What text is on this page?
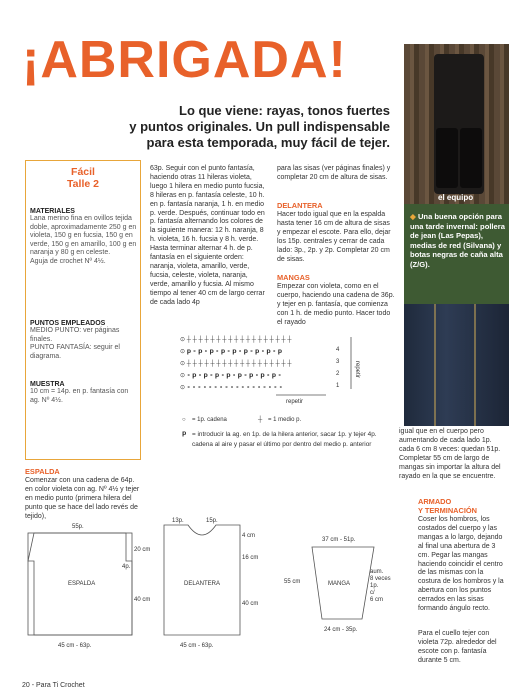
¡ABRIGADA!
Lo que viene: rayas, tonos fuertes
y puntos originales. Un pull indispensable
para esta temporada, muy fácil de tejer.
el equipo
◆ Una buena opción para una tarde invernal: pollera de jean (Las Pepas), medias de red (Silvana) y botas negras de caña alta (Z/G).
Fácil
Talle 2
MATERIALES
Lana merino fina en ovillos tejida doble, aproximadamente 250 g en violeta, 150 g en fucsia, 150 g en verde, 150 g en amarillo, 100 g en naranja y 80 g en celeste.
Aguja de crochet Nº 4½.
PUNTOS EMPLEADOS
MEDIO PUNTO: ver páginas finales.
PUNTO FANTASÍA: seguir el diagrama.
MUESTRA
10 cm = 14p. en p. fantasía con ag. Nº 4½.
ESPALDA
Comenzar con una cadena de 64p. en color violeta con ag. Nº 4½ y tejer en medio punto (primera hilera del punto que se hace del lado revés de tejido),
63p. Seguir con el punto fantasía, haciendo otras 11 hileras violeta, luego 1 hilera en medio punto fucsia, 8 hileras en p. fantasía celeste, 10 h. en p. fantasía naranja, 1 h. en medio p. verde. Después, continuar todo en p. fantasía alternando los colores de la siguiente manera: 12 h. naranja, 8 h. violeta, 16 h. fucsia y 8 h. verde. Hasta terminar alternar 4 h. de p. fantasía en el siguiente orden: naranja, violeta, amarillo, verde, fucsia, celeste, violeta, naranja, verde, amarillo y fucsia. Al mismo tiempo al tener 40 cm de largo cerrar de cada lado 4p
para las sisas (ver páginas finales) y completar 20 cm de altura de sisas.
DELANTERA
Hacer todo igual que en la espalda hasta tener 16 cm de altura de sisas y empezar el escote. Para ello, dejar los 15p. centrales y cerrar de cada lado: 3p., 2p. y 2p. Completar 20 cm de sisas.
MANGAS
Empezar con violeta, como en el cuerpo, haciendo una cadena de 36p. y tejer en p. fantasía, que comienza con 1 h. de medio punto. Hacer todo el rayado
igual que en el cuerpo pero aumentando de cada lado 1p. cada 6 cm 8 veces: quedan 51p. Completar 55 cm de largo de mangas sin importar la altura del rayado en la que se encuentre.
ARMADO
Y TERMINACIÓN
Coser los hombros, los costados del cuerpo y las mangas a lo largo, dejando al final una abertura de 3 cm. Pegar las mangas haciendo coincidir el centro de las mismas con la costura de los hombros y la abertura con los puntos cerrados en las sisas formando ángulo recto.
Para el cuello tejer con violeta 72p. alrededor del escote con p. fantasía durante 5 cm.
⊙ ┼ ┼ ┼ ┼ ┼ ┼ ┼ ┼ ┼ ┼ ┼ ┼ ┼ ┼ ┼ ┼ ┼ ┼
⊙ 𝗽 ∘ 𝗽 ∘ 𝗽 ∘ 𝗽 ∘ 𝗽 ∘ 𝗽 ∘ 𝗽 ∘ 𝗽 ∘ 𝗽
⊙ ┼ ┼ ┼ ┼ ┼ ┼ ┼ ┼ ┼ ┼ ┼ ┼ ┼ ┼ ┼ ┼ ┼ ┼
⊙ ∘ 𝗽 ∘ 𝗽 ∘ 𝗽 ∘ 𝗽 ∘ 𝗽 ∘ 𝗽 ∘ 𝗽 ∘ 𝗽 ∘
⊙ ∘ ∘ ∘ ∘ ∘ ∘ ∘ ∘ ∘ ∘ ∘ ∘ ∘ ∘ ∘ ∘ ∘ ∘
4
3
2
1
repetir
repetir
○ = 1p. cadena	┼ = 1 medio p.
𝗽 = introducir la ag. en 1p. de la hilera anterior, sacar 1p. y tejer 4p. cadena al aire y pasar el último por dentro del medio p. anterior
ESPALDA
55p.
20 cm
4p.
40 cm
45 cm - 63p.
DELANTERA
13p.	15p.
4 cm
16 cm
40 cm
45 cm - 63p.
MANGA
37 cm - 51p.
55 cm
aum.
8 veces
1p.
c/
6 cm
24 cm - 35p.
20 - Para Ti Crochet
